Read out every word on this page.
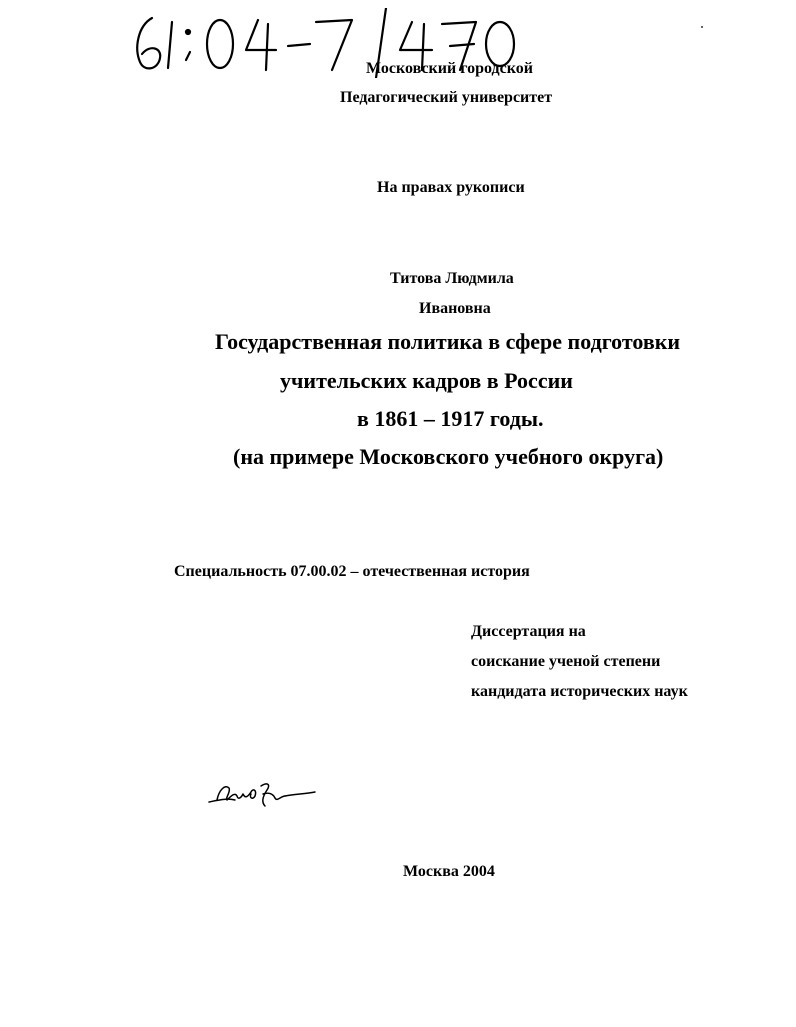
Московский городской
Педагогический университет
На правах рукописи
Титова Людмила
Ивановна
Государственная политика в сфере подготовки
учительских кадров в России
в 1861 – 1917 годы.
(на примере Московского учебного округа)
Специальность 07.00.02 – отечественная история
Диссертация на
соискание ученой степени
кандидата исторических наук
Москва 2004
